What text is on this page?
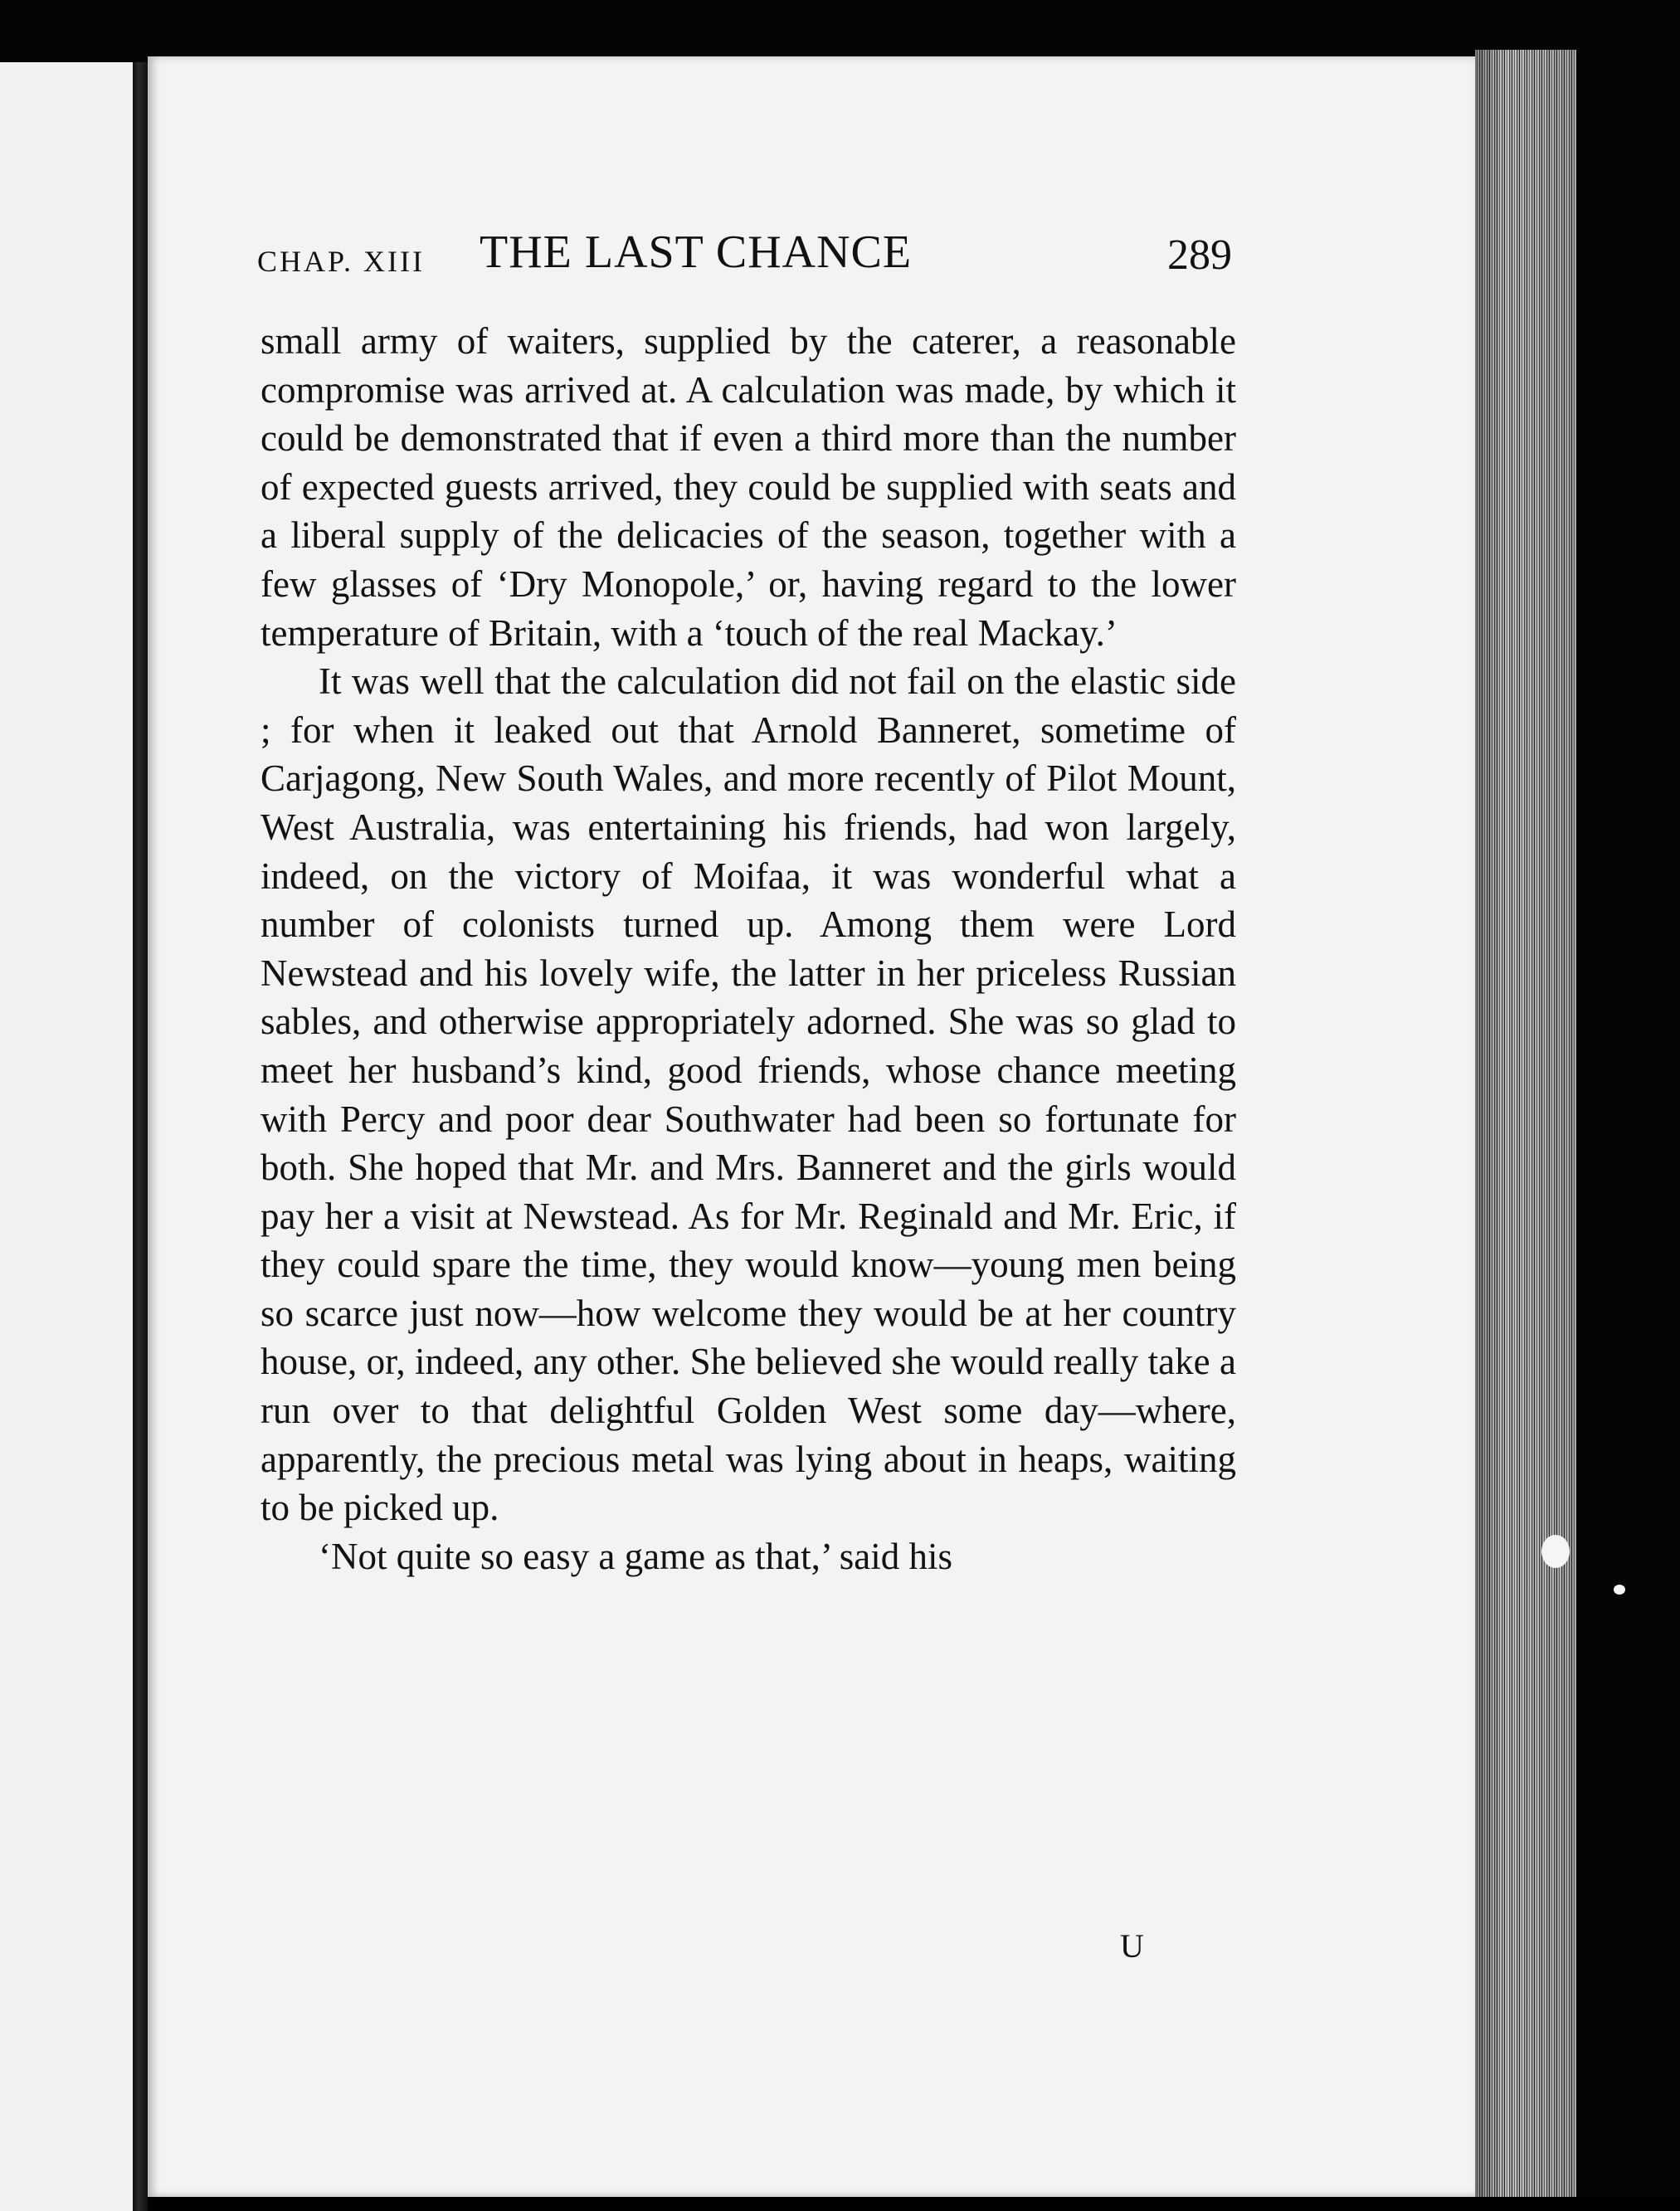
CHAP. XIII THE LAST CHANCE	289

small army of waiters, supplied by the caterer, a reasonable compromise was arrived at. A calculation was made, by which it could be demonstrated that if even a third more than the number of expected guests arrived, they could be supplied with seats and a liberal supply of the delicacies of the season, together with a few glasses of ‘Dry Monopole,’ or, having regard to the lower temperature of Britain, with a ‘touch of the real Mackay.’

It was well that the calculation did not fail on the elastic side ; for when it leaked out that Arnold Banneret, sometime of Carjagong, New South Wales, and more recently of Pilot Mount, West Australia, was entertaining his friends, had won largely, indeed, on the victory of Moifaa, it was wonderful what a number of colonists turned up. Among them were Lord Newstead and his lovely wife, the latter in her priceless Russian sables, and otherwise appropriately adorned. She was so glad to meet her husband’s kind, good friends, whose chance meeting with Percy and poor dear Southwater had been so fortunate for both. She hoped that Mr. and Mrs. Banneret and the girls would pay her a visit at Newstead. As for Mr. Reginald and Mr. Eric, if they could spare the time, they would know—young men being so scarce just now—how welcome they would be at her country house, or, indeed, any other. She believed she would really take a run over to that delightful Golden West some day—where, apparently, the precious metal was lying about in heaps, waiting to be picked up.

‘Not quite so easy a game as that,’ said his

U
